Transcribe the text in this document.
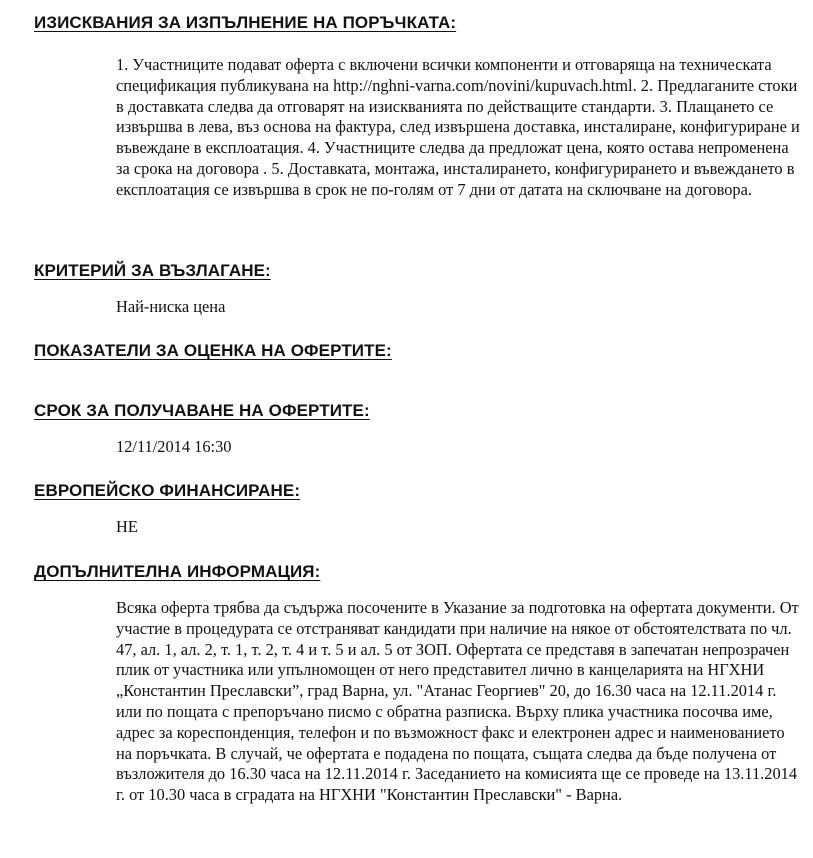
ИЗИСКВАНИЯ ЗА ИЗПЪЛНЕНИЕ НА ПОРЪЧКАТА:

1. Участниците подават оферта с включени всички компоненти и отговаряща на техническата спецификация публикувана на http://nghni-varna.com/novini/kupuvach.html. 2. Предлаганите стоки в доставката следва да отговарят на изискванията по действащите стандарти. 3. Плащането се извършва в лева, въз основа на фактура, след извършена доставка, инсталиране, конфигуриране и въвеждане в експлоатация. 4. Участниците следва да предложат цена, която остава непроменена за срока на договора . 5. Доставката, монтажа, инсталирането, конфигурирането и въвеждането в експлоатация се извършва в срок не по-голям от 7 дни от датата на сключване на договора.

КРИТЕРИЙ ЗА ВЪЗЛАГАНЕ:

Най-ниска цена

ПОКАЗАТЕЛИ ЗА ОЦЕНКА НА ОФЕРТИТЕ:
СРОК ЗА ПОЛУЧАВАНЕ НА ОФЕРТИТЕ:

12/11/2014 16:30

ЕВРОПЕЙСКО ФИНАНСИРАНЕ:

НЕ

ДОПЪЛНИТЕЛНА ИНФОРМАЦИЯ:

Всяка оферта трябва да съдържа посочените в Указание за подготовка на офертата документи. От участие в процедурата се отстраняват кандидати при наличие на някое от обстоятелствата по чл. 47, ал. 1, ал. 2, т. 1, т. 2, т. 4 и т. 5 и ал. 5 от ЗОП. Офертата се представя в запечатан непрозрачен плик от участника или упълномощен от него представител лично в канцеларията на НГХНИ „Константин Преславски”, град Варна, ул. "Атанас Георгиев" 20, до 16.30 часа на 12.11.2014 г. или по пощата с препоръчано писмо с обратна разписка. Върху плика участника посочва име, адрес за кореспонденция, телефон и по възможност факс и електронен адрес и наименованието на поръчката. В случай, че офертата е подадена по пощата, същата следва да бъде получена от възложителя до 16.30 часа на 12.11.2014 г. Заседанието на комисията ще се проведе на 13.11.2014 г. от 10.30 часа в сградата на НГХНИ "Константин Преславски" - Варна.
